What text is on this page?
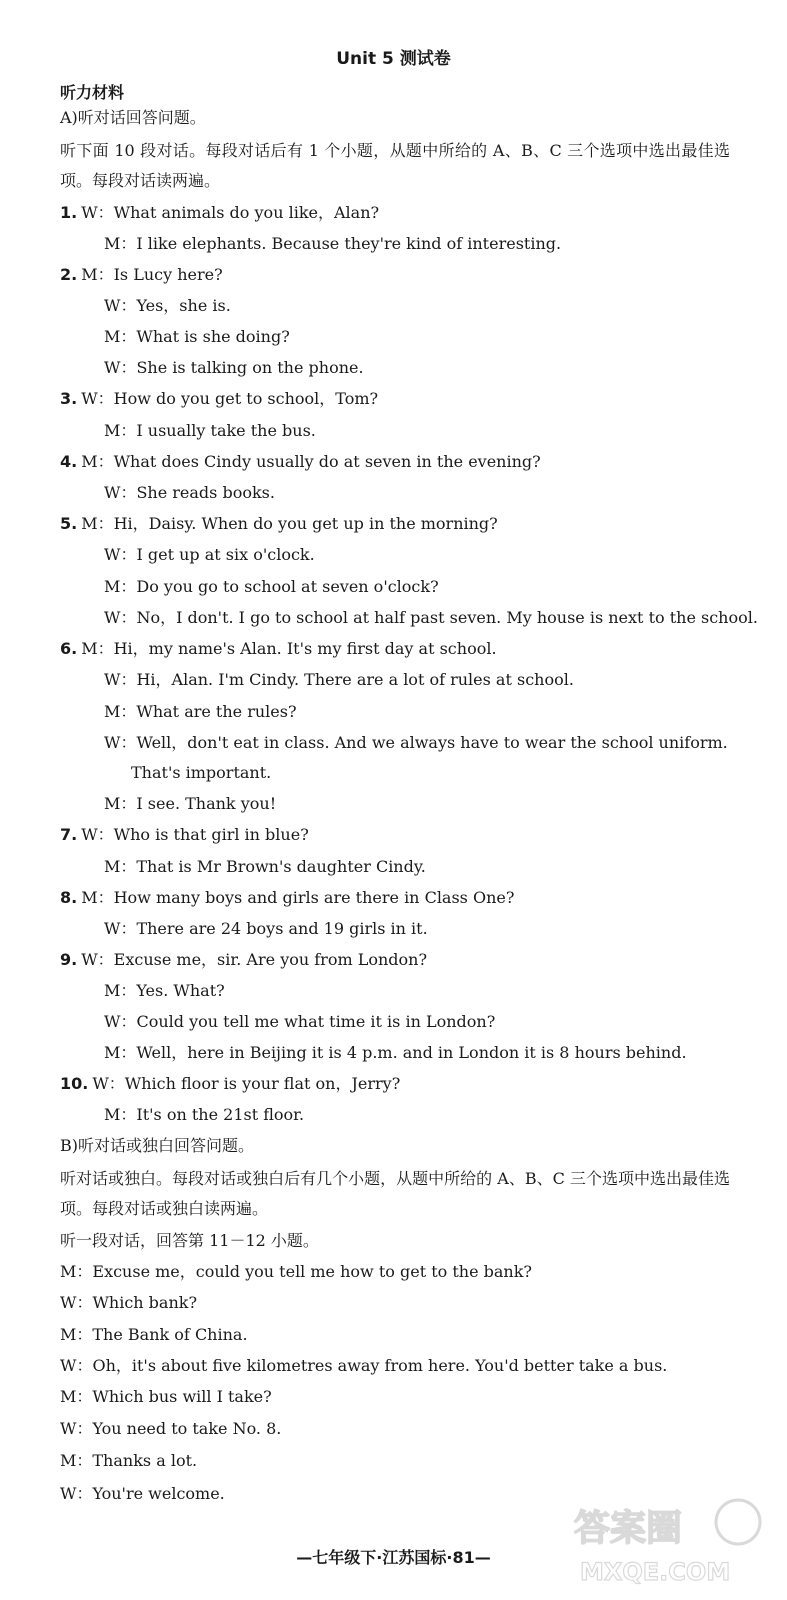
Unit 5 测试卷
听力材料
A)听对话回答问题。
听下面 10 段对话。每段对话后有 1 个小题，从题中所给的 A、B、C 三个选项中选出最佳选项。每段对话读两遍。
1. W：What animals do you like，Alan?
M：I like elephants. Because they're kind of interesting.
2. M：Is Lucy here?
W：Yes，she is.
M：What is she doing?
W：She is talking on the phone.
3. W：How do you get to school，Tom?
M：I usually take the bus.
4. M：What does Cindy usually do at seven in the evening?
W：She reads books.
5. M：Hi，Daisy. When do you get up in the morning?
W：I get up at six o'clock.
M：Do you go to school at seven o'clock?
W：No，I don't. I go to school at half past seven. My house is next to the school.
6. M：Hi，my name's Alan. It's my first day at school.
W：Hi，Alan. I'm Cindy. There are a lot of rules at school.
M：What are the rules?
W：Well，don't eat in class. And we always have to wear the school uniform.
That's important.
M：I see. Thank you!
7. W：Who is that girl in blue?
M：That is Mr Brown's daughter Cindy.
8. M：How many boys and girls are there in Class One?
W：There are 24 boys and 19 girls in it.
9. W：Excuse me，sir. Are you from London?
M：Yes. What?
W：Could you tell me what time it is in London?
M：Well，here in Beijing it is 4 p.m. and in London it is 8 hours behind.
10. W：Which floor is your flat on，Jerry?
M：It's on the 21st floor.
B)听对话或独白回答问题。
听对话或独白。每段对话或独白后有几个小题，从题中所给的 A、B、C 三个选项中选出最佳选项。每段对话或独白读两遍。
听一段对话，回答第 11－12 小题。
M：Excuse me，could you tell me how to get to the bank?
W：Which bank?
M：The Bank of China.
W：Oh，it's about five kilometres away from here. You'd better take a bus.
M：Which bus will I take?
W：You need to take No. 8.
M：Thanks a lot.
W：You're welcome.
—七年级下·江苏国标·81—
答案圈
MXQE.COM
